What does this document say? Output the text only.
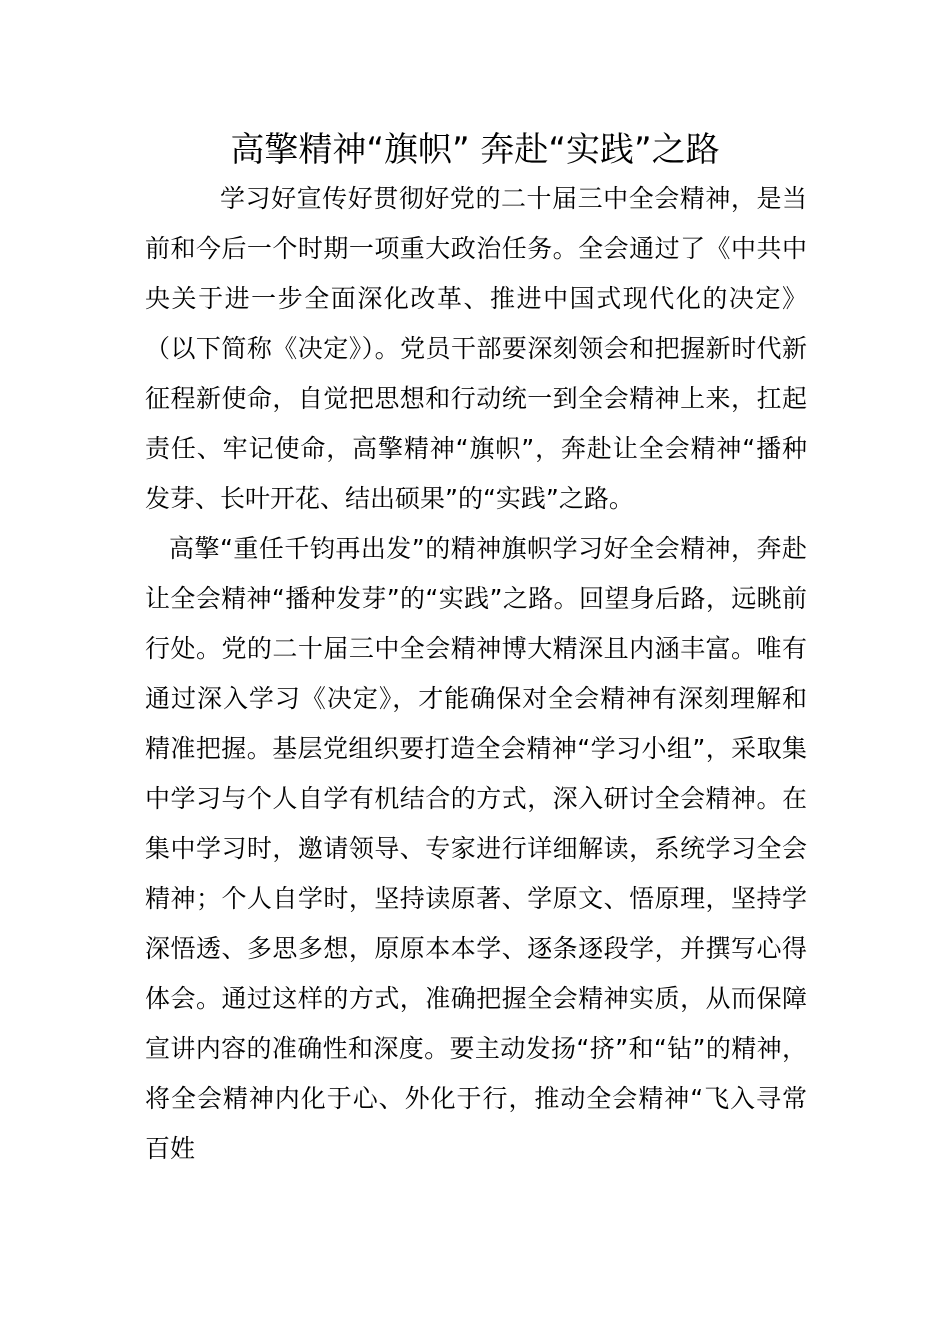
高擎精神“旗帜” 奔赴“实践”之路

学习好宣传好贯彻好党的二十届三中全会精神，是当前和今后一个时期一项重大政治任务。全会通过了《中共中央关于进一步全面深化改革、推进中国式现代化的决定》（以下简称《决定》）。党员干部要深刻领会和把握新时代新征程新使命，自觉把思想和行动统一到全会精神上来，扛起责任、牢记使命，高擎精神“旗帜”，奔赴让全会精神“播种发芽、长叶开花、结出硕果”的“实践”之路。

高擎“重任千钧再出发”的精神旗帜学习好全会精神，奔赴让全会精神“播种发芽”的“实践”之路。回望身后路，远眺前行处。党的二十届三中全会精神博大精深且内涵丰富。唯有通过深入学习《决定》，才能确保对全会精神有深刻理解和精准把握。基层党组织要打造全会精神“学习小组”，采取集中学习与个人自学有机结合的方式，深入研讨全会精神。在集中学习时，邀请领导、专家进行详细解读，系统学习全会精神；个人自学时，坚持读原著、学原文、悟原理，坚持学深悟透、多思多想，原原本本学、逐条逐段学，并撰写心得体会。通过这样的方式，准确把握全会精神实质，从而保障宣讲内容的准确性和深度。要主动发扬“挤”和“钻”的精神，将全会精神内化于心、外化于行，推动全会精神“飞入寻常百姓
